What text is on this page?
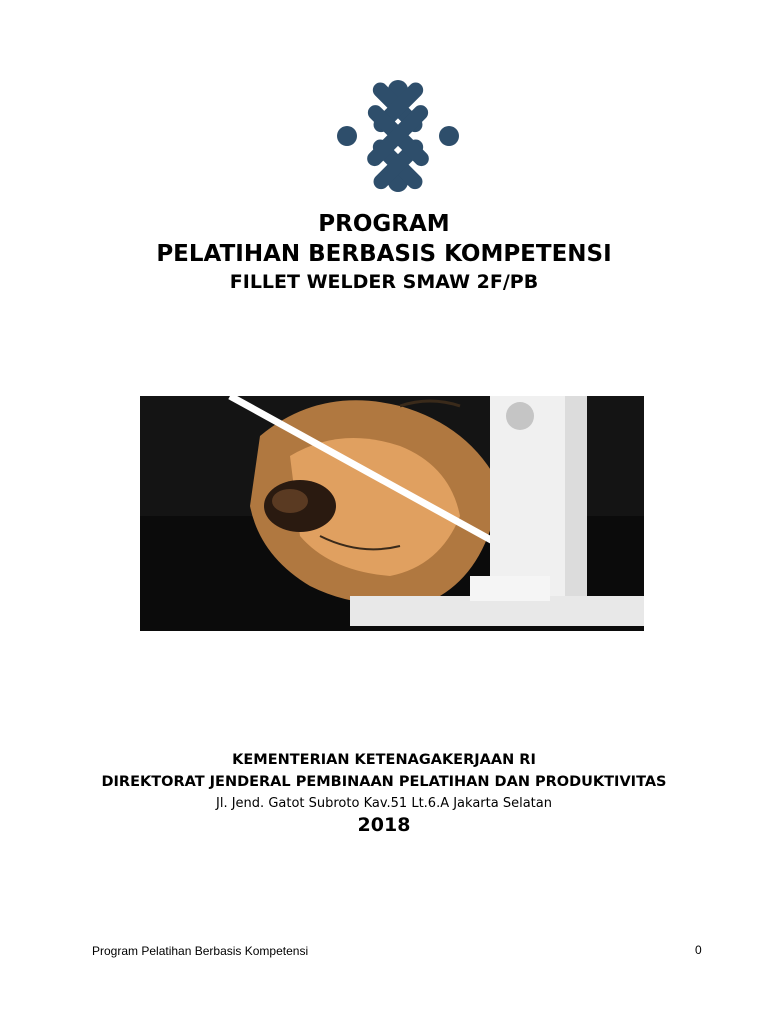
PROGRAM
PELATIHAN BERBASIS KOMPETENSI
FILLET WELDER SMAW 2F/PB
KEMENTERIAN KETENAGAKERJAAN RI
DIREKTORAT JENDERAL PEMBINAAN PELATIHAN DAN PRODUKTIVITAS
Jl. Jend. Gatot Subroto Kav.51 Lt.6.A Jakarta Selatan
2018
Program Pelatihan Berbasis Kompetensi	0
